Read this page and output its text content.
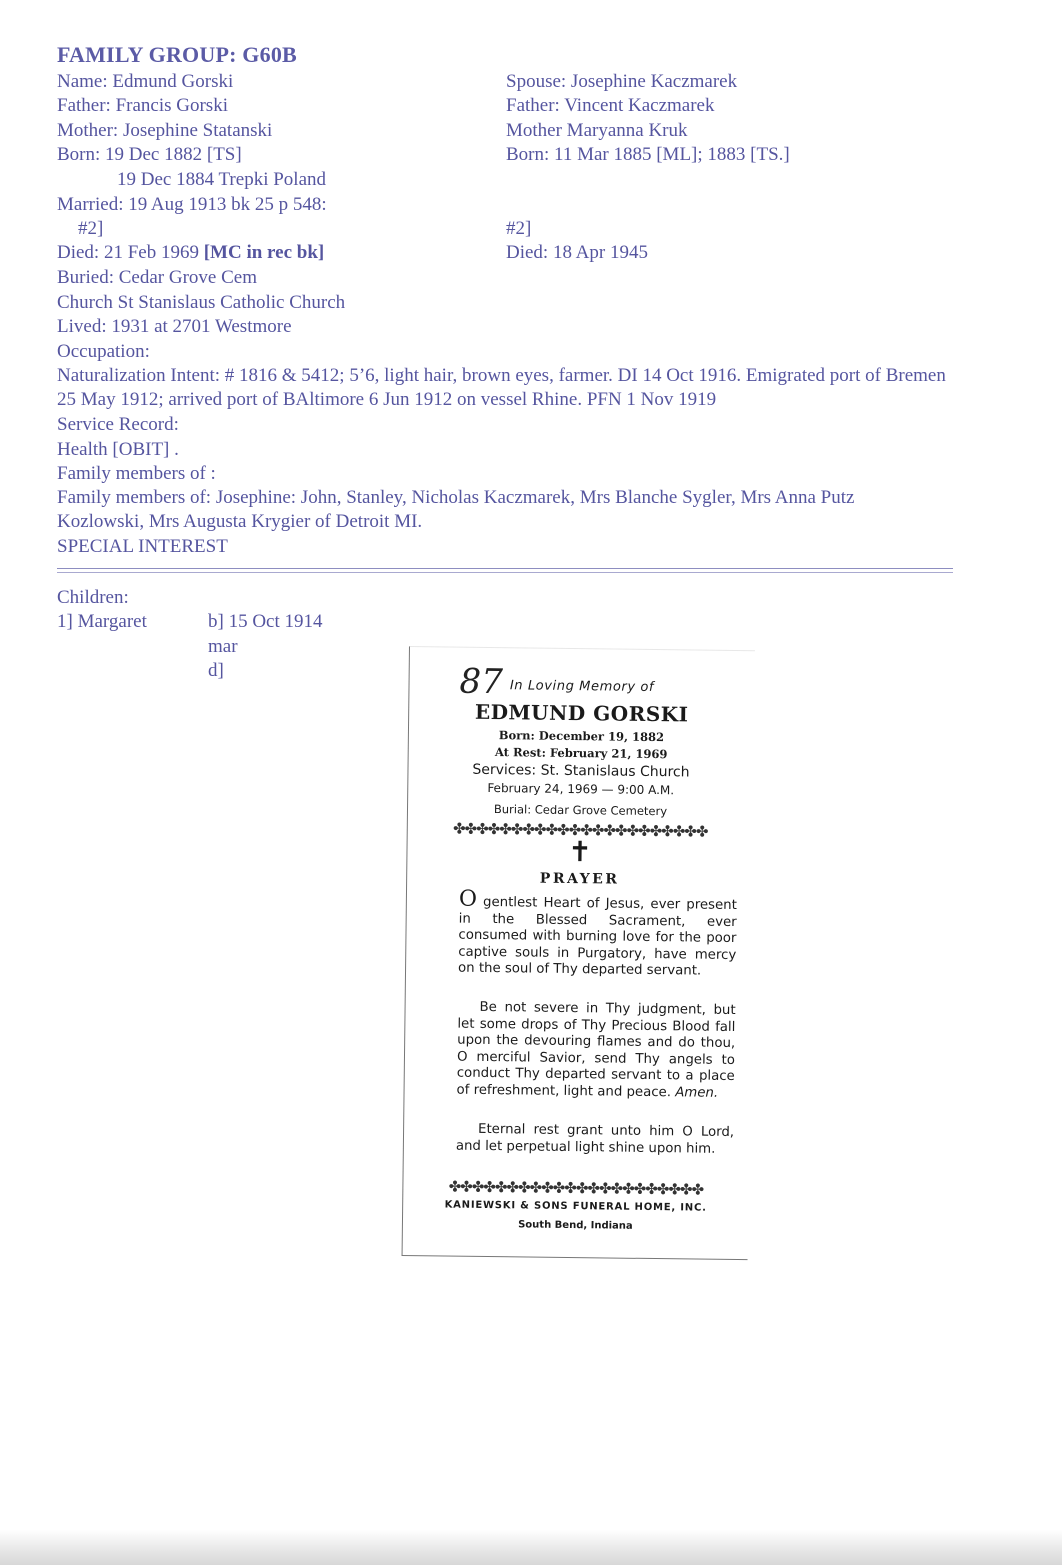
FAMILY GROUP: G60B
Name: Edmund Gorski
Father: Francis Gorski
Mother: Josephine Statanski
Born: 19 Dec 1882 [TS]
19 Dec 1884 Trepki Poland
Married: 19 Aug 1913 bk 25 p 548:
#2]
Died: 21 Feb 1969 [MC in rec bk]
Buried: Cedar Grove Cem
Church St Stanislaus Catholic Church
Lived: 1931 at 2701 Westmore
Occupation:
Naturalization Intent: # 1816 & 5412; 5’6, light hair, brown eyes, farmer. DI 14 Oct 1916. Emigrated port of Bremen 25 May 1912; arrived port of BAltimore 6 Jun 1912 on vessel Rhine. PFN 1 Nov 1919
Service Record:
Health [OBIT] .
Family members of :
Family members of: Josephine: John, Stanley, Nicholas Kaczmarek, Mrs Blanche Sygler, Mrs Anna Putz Kozlowski, Mrs Augusta Krygier of Detroit MI.
SPECIAL INTEREST
Spouse: Josephine Kaczmarek
Father: Vincent Kaczmarek
Mother Maryanna Kruk
Born: 11 Mar 1885 [ML]; 1883 [TS.]
#2]
Died: 18 Apr 1945
Children:
1] Margaret	b] 15 Oct 1914
mar
d]	87 In Loving Memory of
EDMUND GORSKI
Born: December 19, 1882
At Rest: February 21, 1969
Services: St. Stanislaus Church
February 24, 1969 — 9:00 A.M.
Burial: Cedar Grove Cemetery
✤✤✤✤✤✤✤✤✤✤✤✤✤✤✤✤✤✤✤✤✤✤
✝
PRAYER
O gentlest Heart of Jesus, ever present in the Blessed Sacrament, ever consumed with burning love for the poor captive souls in Purgatory, have mercy on the soul of Thy departed servant.
Be not severe in Thy judgment, but let some drops of Thy Precious Blood fall upon the devouring flames and do thou, O merciful Savior, send Thy angels to conduct Thy departed servant to a place of refreshment, light and peace. Amen.
Eternal rest grant unto him O Lord, and let perpetual light shine upon him.
✤✤✤✤✤✤✤✤✤✤✤✤✤✤✤✤✤✤✤✤✤✤
KANIEWSKI & SONS FUNERAL HOME, INC.
South Bend, Indiana
